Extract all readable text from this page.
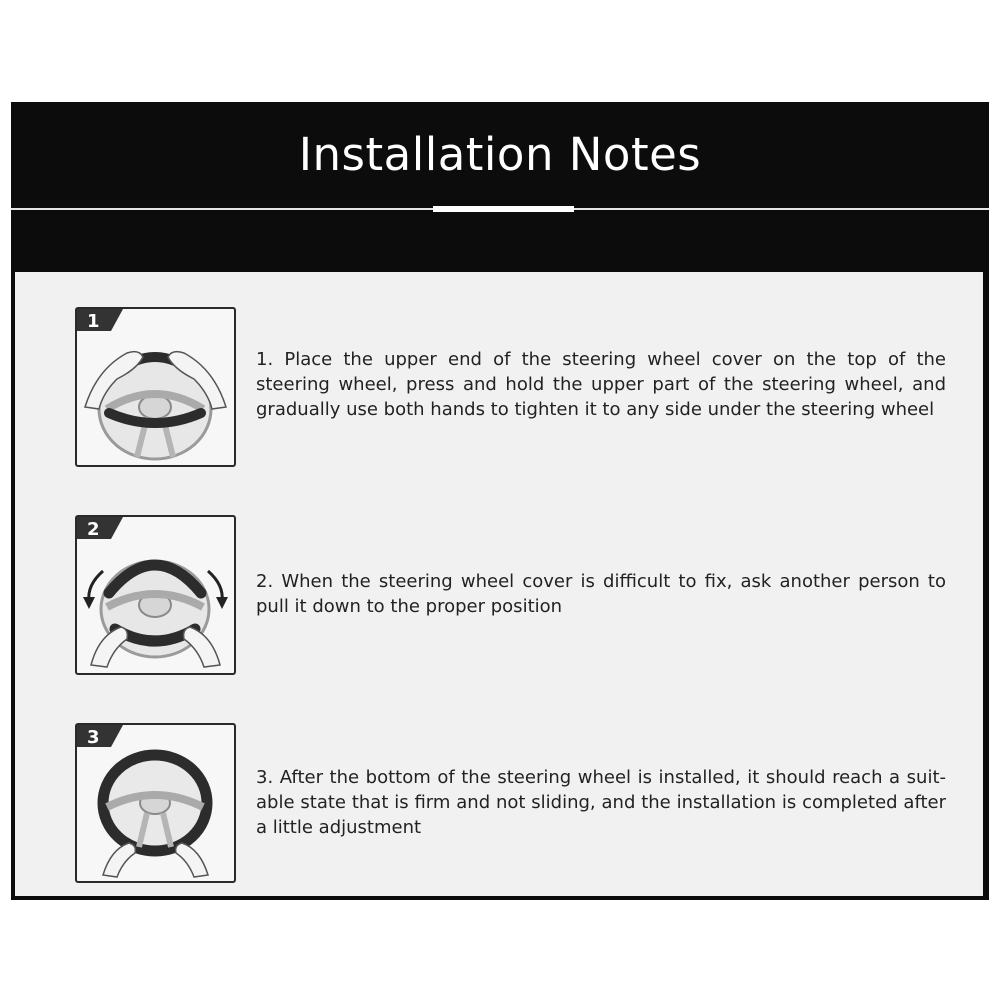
Installation Notes
1
1. Place the upper end of the steering wheel cover on the top of the steering wheel, press and hold the upper part of the steering wheel, and gradually use both hands to tighten it to any side under the steering wheel
2
2. When the steering wheel cover is difficult to fix, ask another person to pull it down to the proper position
3
3. After the bottom of the steering wheel is installed, it should reach a suit-able state that is firm and not sliding, and the installation is completed after a little adjustment
